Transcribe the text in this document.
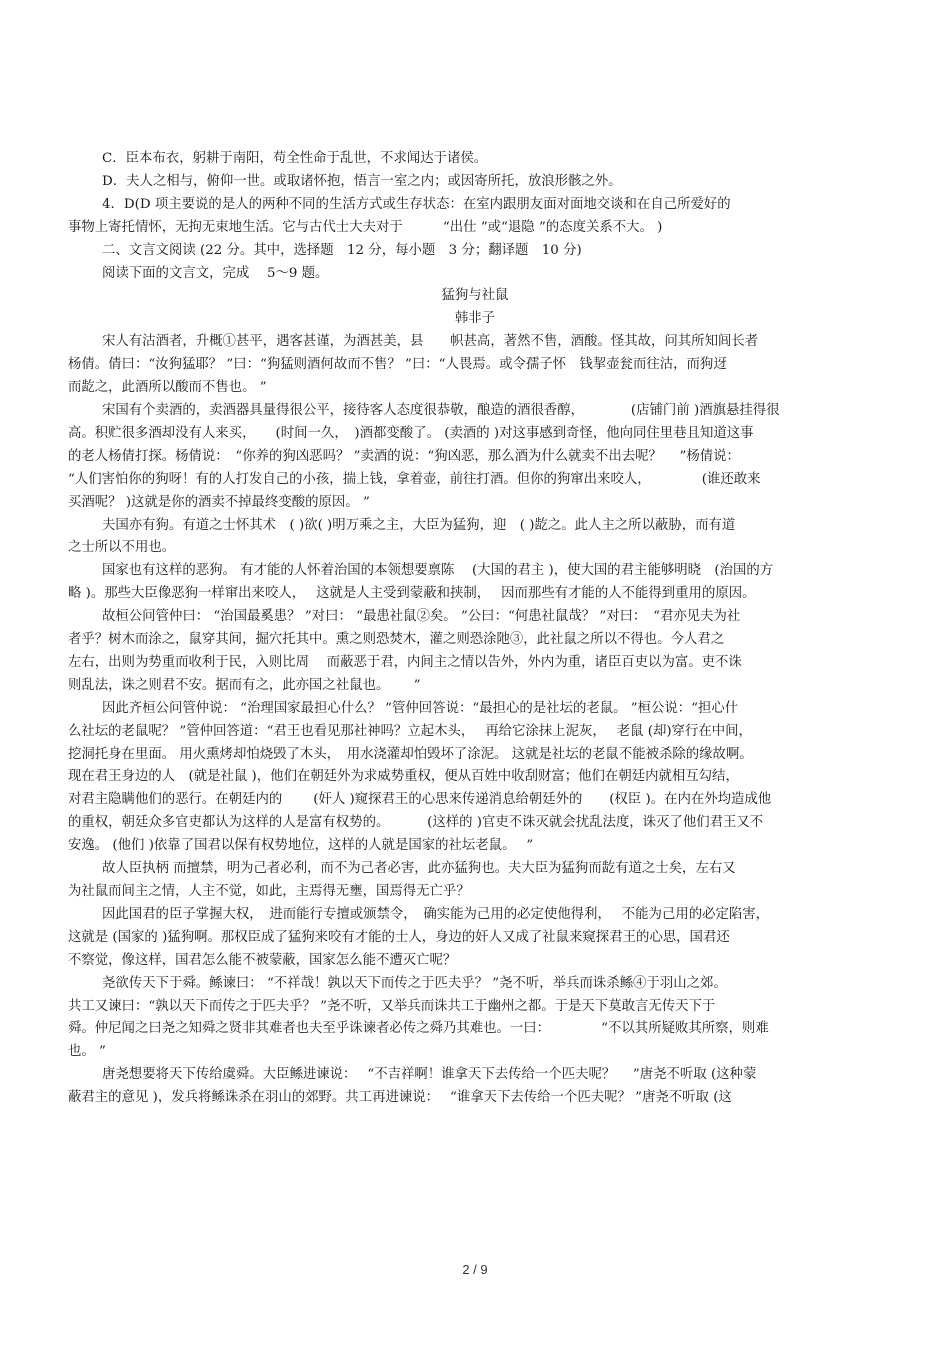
C．臣本布衣，躬耕于南阳，苟全性命于乱世，不求闻达于诸侯。
D．夫人之相与，俯仰一世。或取诸怀抱，悟言一室之内；或因寄所托，放浪形骸之外。
4．D(D 项主要说的是人的两种不同的生活方式或生存状态：在室内跟朋友面对面地交谈和在自己所爱好的
事物上寄托情怀，无拘无束地生活。它与古代士大夫对于　　　“出仕 ”或“退隐 ”的态度关系不大。 )
二、文言文阅读 (22 分。其中，选择题　12 分，每小题　3 分；翻译题　10 分)
阅读下面的文言文，完成　 5～9 题。
猛狗与社鼠
韩非子
宋人有沽酒者，升概①甚平，遇客甚谨，为酒甚美，县　　帜甚高，著然不售，酒酸。怪其故，问其所知闾长者
杨倩。倩曰：“汝狗猛耶？ ”曰：“狗猛则酒何故而不售？ ”曰：“人畏焉。或令孺子怀　钱挈壶瓮而往沽，而狗迓
而龁之，此酒所以酸而不售也。 ”
宋国有个卖酒的，卖酒器具量得很公平，接待客人态度很恭敬，酿造的酒很香醇，　　　　(店铺门前 )酒旗悬挂得很
高。积贮很多酒却没有人来买，　　(时间一久，　)酒都变酸了。 (卖酒的 )对这事感到奇怪，他向同住里巷且知道这事
的老人杨倩打探。杨倩说：　“你养的狗凶恶吗？ ”卖酒的说：“狗凶恶，那么酒为什么就卖不出去呢？　 ”杨倩说：
“人们害怕你的狗呀！有的人打发自己的小孩，揣上钱，拿着壶，前往打酒。但你的狗窜出来咬人，　　　　 (谁还敢来
买酒呢？ )这就是你的酒卖不掉最终变酸的原因。 ”
夫国亦有狗。有道之士怀其术　( )欲( )明万乘之主，大臣为猛狗，迎　( )龁之。此人主之所以蔽胁，而有道
之士所以不用也。
国家也有这样的恶狗。 有才能的人怀着治国的本领想要禀陈　 (大国的君主 )，使大国的君主能够明晓　(治国的方
略 )。那些大臣像恶狗一样窜出来咬人，　 这就是人主受到蒙蔽和挟制，　 因而那些有才能的人不能得到重用的原因。
故桓公问管仲曰： “治国最奚患？ ”对曰： “最患社鼠②矣。 ”公曰：“何患社鼠哉？ ”对曰：　“君亦见夫为社
者乎？树木而涂之，鼠穿其间，掘穴托其中。熏之则恐焚木，灌之则恐涂阤③，此社鼠之所以不得也。今人君之
左右，出则为势重而收利于民，入则比周　 而蔽恶于君，内间主之情以告外，外内为重，诸臣百吏以为富。吏不诛
则乱法，诛之则君不安。据而有之，此亦国之社鼠也。　　 ”
因此齐桓公问管仲说： “治理国家最担心什么？ ”管仲回答说：“最担心的是社坛的老鼠。 ”桓公说：“担心什
么社坛的老鼠呢？ ”管仲回答道：“君王也看见那社神吗？立起木头，　 再给它涂抹上泥灰，　 老鼠 (却)穿行在中间，
挖洞托身在里面。 用火熏烤却怕烧毁了木头，　用水浇灌却怕毁坏了涂泥。 这就是社坛的老鼠不能被杀除的缘故啊。
现在君王身边的人　(就是社鼠 )，他们在朝廷外为求威势重权，便从百姓中收刮财富；他们在朝廷内就相互勾结，
对君主隐瞒他们的恶行。在朝廷内的　　 (奸人 )窥探君王的心思来传递消息给朝廷外的　　(权臣 )。在内在外均造成他
的重权，朝廷众多官吏都认为这样的人是富有权势的。　　　 (这样的 )官吏不诛灭就会扰乱法度，诛灭了他们君王又不
安逸。 (他们 )依靠了国君以保有权势地位，这样的人就是国家的社坛老鼠。　 ”
故人臣执柄 而擅禁，明为己者必利，而不为己者必害，此亦猛狗也。夫大臣为猛狗而龁有道之士矣，左右又
为社鼠而间主之情，人主不觉，如此，主焉得无壅，国焉得无亡乎？
因此国君的臣子掌握大权，　进而能行专擅或颁禁令，　确实能为己用的必定使他得利，　 不能为己用的必定陷害，
这就是 (国家的 )猛狗啊。那权臣成了猛狗来咬有才能的士人，身边的奸人又成了社鼠来窥探君王的心思，国君还
不察觉，像这样，国君怎么能不被蒙蔽，国家怎么能不遭灭亡呢？
尧欲传天下于舜。鲧谏曰： “不祥哉！孰以天下而传之于匹夫乎？ ”尧不听，举兵而诛杀鲧④于羽山之郊。
共工又谏曰：“孰以天下而传之于匹夫乎？ ”尧不听，又举兵而诛共工于幽州之都。于是天下莫敢言无传天下于
舜。仲尼闻之曰尧之知舜之贤非其难者也夫至乎诛谏者必传之舜乃其难也。一曰：　　　　 “不以其所疑败其所察，则难
也。 ”
唐尧想要将天下传给虞舜。大臣鲧进谏说：　 “不吉祥啊！谁拿天下去传给一个匹夫呢？　 ”唐尧不听取 (这种蒙
蔽君主的意见 )，发兵将鲧诛杀在羽山的郊野。共工再进谏说：　 “谁拿天下去传给一个匹夫呢？ ”唐尧不听取 (这
2 / 9
